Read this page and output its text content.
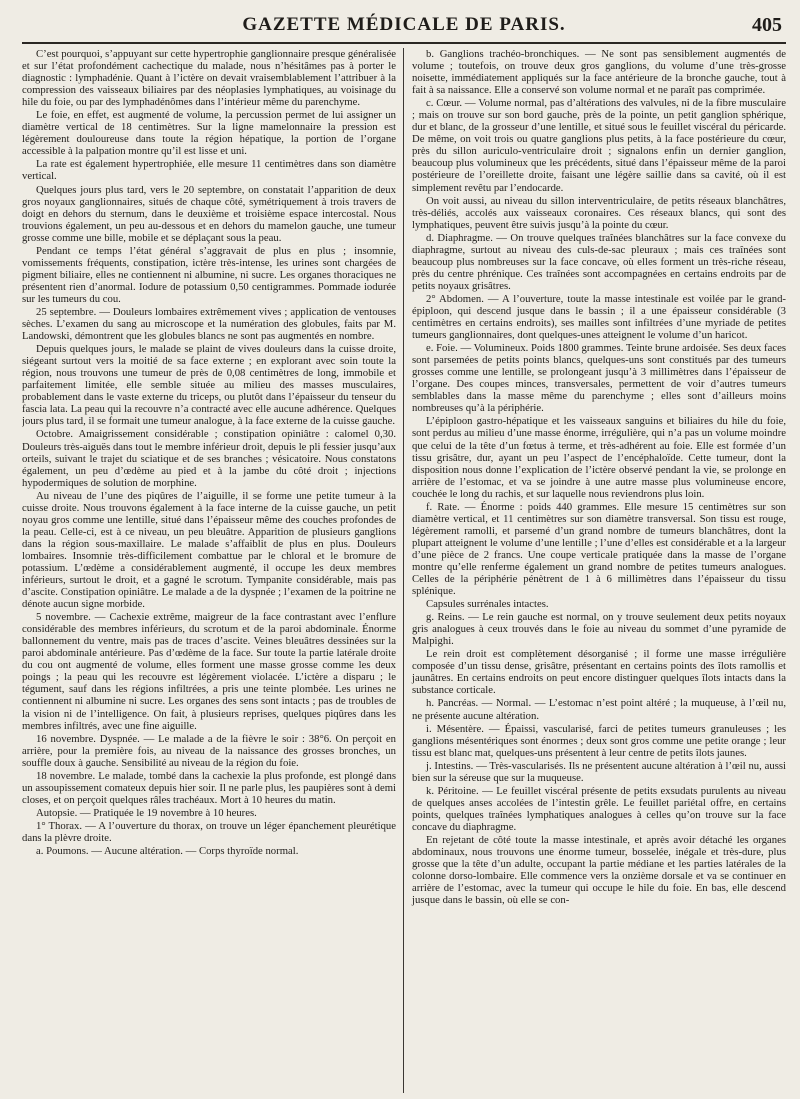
GAZETTE MÉDICALE DE PARIS.	405

C’est pourquoi, s’appuyant sur cette hypertrophie ganglionnaire presque généralisée et sur l’état profondément cachectique du malade, nous n’hésitâmes pas à porter le diagnostic : lymphadénie. Quant à l’ictère on devait vraisemblablement l’attribuer à la compression des vaisseaux biliaires par des néoplasies lymphatiques, au voisinage du hile du foie, ou par des lymphadénômes dans l’intérieur même du parenchyme.

Le foie, en effet, est augmenté de volume, la percussion permet de lui assigner un diamètre vertical de 18 centimètres. Sur la ligne mamelonnaire la pression est légèrement douloureuse dans toute la région hépatique, la portion de l’organe accessible à la palpation montre qu’il est lisse et uni.

La rate est également hypertrophiée, elle mesure 11 centimètres dans son diamètre vertical.

Quelques jours plus tard, vers le 20 septembre, on constatait l’apparition de deux gros noyaux ganglionnaires, situés de chaque côté, symétriquement à trois travers de doigt en dehors du sternum, dans le deuxième et troisième espace intercostal. Nous trouvions également, un peu au-dessous et en dehors du mamelon gauche, une tumeur grosse comme une bille, mobile et se déplaçant sous la peau.

Pendant ce temps l’état général s’aggravait de plus en plus ; insomnie, vomissements fréquents, constipation, ictère très-intense, les urines sont chargées de pigment biliaire, elles ne contiennent ni albumine, ni sucre. Les organes thoraciques ne présentent rien d’anormal. Iodure de potassium 0,50 centigrammes. Pommade iodurée sur les tumeurs du cou.

25 septembre. — Douleurs lombaires extrêmement vives ; application de ventouses sèches. L’examen du sang au microscope et la numération des globules, faits par M. Landowski, démontrent que les globules blancs ne sont pas augmentés en nombre.

Depuis quelques jours, le malade se plaint de vives douleurs dans la cuisse droite, siégeant surtout vers la moitié de sa face externe ; en explorant avec soin toute la région, nous trouvons une tumeur de près de 0,08 centimètres de long, immobile et parfaitement limitée, elle semble située au milieu des masses musculaires, probablement dans le vaste externe du triceps, ou plutôt dans l’épaisseur du tenseur du fascia lata. La peau qui la recouvre n’a contracté avec elle aucune adhérence. Quelques jours plus tard, il se formait une tumeur analogue, à la face externe de la cuisse gauche.

Octobre. Amaigrissement considérable ; constipation opiniâtre : calomel 0,30. Douleurs très-aiguës dans tout le membre inférieur droit, depuis le pli fessier jusqu’aux orteils, suivant le trajet du sciatique et de ses branches ; vésicatoire. Nous constatons également, un peu d’œdème au pied et à la jambe du côté droit ; injections hypodermiques de solution de morphine.

Au niveau de l’une des piqûres de l’aiguille, il se forme une petite tumeur à la cuisse droite. Nous trouvons également à la face interne de la cuisse gauche, un petit noyau gros comme une lentille, situé dans l’épaisseur même des couches profondes de la peau. Celle-ci, est à ce niveau, un peu bleuâtre. Apparition de plusieurs ganglions dans la région sous-maxillaire. Le malade s’affaiblit de plus en plus. Douleurs lombaires. Insomnie très-difficilement combattue par le chloral et le bromure de potassium. L’œdème a considérablement augmenté, il occupe les deux membres inférieurs, surtout le droit, et a gagné le scrotum. Tympanite considérable, mais pas d’ascite. Constipation opiniâtre. Le malade a de la dyspnée ; l’examen de la poitrine ne dénote aucun signe morbide.

5 novembre. — Cachexie extrême, maigreur de la face contrastant avec l’enflure considérable des membres inférieurs, du scrotum et de la paroi abdominale. Énorme ballonnement du ventre, mais pas de traces d’ascite. Veines bleuâtres dessinées sur la paroi abdominale antérieure. Pas d’œdème de la face. Sur toute la partie latérale droite du cou ont augmenté de volume, elles forment une masse grosse comme les deux poings ; la peau qui les recouvre est légèrement violacée. L’ictère a disparu ; le tégument, sauf dans les régions infiltrées, a pris une teinte plombée. Les urines ne contiennent ni albumine ni sucre. Les organes des sens sont intacts ; pas de troubles de la vision ni de l’intelligence. On fait, à plusieurs reprises, quelques piqûres dans les membres infiltrés, avec une fine aiguille.

16 novembre. Dyspnée. — Le malade a de la fièvre le soir : 38°6. On perçoit en arrière, pour la première fois, au niveau de la naissance des grosses bronches, un souffle doux à gauche. Sensibilité au niveau de la région du foie.

18 novembre. Le malade, tombé dans la cachexie la plus profonde, est plongé dans un assoupissement comateux depuis hier soir. Il ne parle plus, les paupières sont à demi closes, et on perçoit quelques râles trachéaux. Mort à 10 heures du matin.

Autopsie. — Pratiquée le 19 novembre à 10 heures.

1° Thorax. — A l’ouverture du thorax, on trouve un léger épanchement pleurétique dans la plèvre droite.

a. Poumons. — Aucune altération. — Corps thyroïde normal.

b. Ganglions trachéo-bronchiques. — Ne sont pas sensiblement augmentés de volume ; toutefois, on trouve deux gros ganglions, du volume d’une très-grosse noisette, immédiatement appliqués sur la face antérieure de la bronche gauche, tout à fait à sa naissance. Elle a conservé son volume normal et ne paraît pas comprimée.

c. Cœur. — Volume normal, pas d’altérations des valvules, ni de la fibre musculaire ; mais on trouve sur son bord gauche, près de la pointe, un petit ganglion sphérique, dur et blanc, de la grosseur d’une lentille, et situé sous le feuillet viscéral du péricarde. De même, on voit trois ou quatre ganglions plus petits, à la face postérieure du cœur, près du sillon auriculo-ventriculaire droit ; signalons enfin un dernier ganglion, beaucoup plus volumineux que les précédents, situé dans l’épaisseur même de la paroi postérieure de l’oreillette droite, faisant une légère saillie dans sa cavité, où il est simplement revêtu par l’endocarde.

On voit aussi, au niveau du sillon interventriculaire, de petits réseaux blanchâtres, très-déliés, accolés aux vaisseaux coronaires. Ces réseaux blancs, qui sont des lymphatiques, peuvent être suivis jusqu’à la pointe du cœur.

d. Diaphragme. — On trouve quelques traînées blanchâtres sur la face convexe du diaphragme, surtout au niveau des culs-de-sac pleuraux ; mais ces traînées sont beaucoup plus nombreuses sur la face concave, où elles forment un très-riche réseau, près du centre phrénique. Ces traînées sont accompagnées en certains endroits par de petits noyaux grisâtres.

2° Abdomen. — A l’ouverture, toute la masse intestinale est voilée par le grand-épiploon, qui descend jusque dans le bassin ; il a une épaisseur considérable (3 centimètres en certains endroits), ses mailles sont infiltrées d’une myriade de petites tumeurs ganglionnaires, dont quelques-unes atteignent le volume d’un haricot.

e. Foie. — Volumineux. Poids 1800 grammes. Teinte brune ardoisée. Ses deux faces sont parsemées de petits points blancs, quelques-uns sont constitués par des tumeurs grosses comme une lentille, se prolongeant jusqu’à 3 millimètres dans l’épaisseur de l’organe. Des coupes minces, transversales, permettent de voir d’autres tumeurs semblables dans la masse même du parenchyme ; elles sont d’ailleurs moins nombreuses qu’à la périphérie.

L’épiploon gastro-hépatique et les vaisseaux sanguins et biliaires du hile du foie, sont perdus au milieu d’une masse énorme, irrégulière, qui n’a pas un volume moindre que celui de la tête d’un fœtus à terme, et très-adhérent au foie. Elle est formée d’un tissu grisâtre, dur, ayant un peu l’aspect de l’encéphaloïde. Cette tumeur, dont la disposition nous donne l’explication de l’ictère observé pendant la vie, se prolonge en arrière de l’estomac, et va se joindre à une autre masse plus volumineuse encore, couchée le long du rachis, et sur laquelle nous reviendrons plus loin.

f. Rate. — Énorme : poids 440 grammes. Elle mesure 15 centimètres sur son diamètre vertical, et 11 centimètres sur son diamètre transversal. Son tissu est rouge, légèrement ramolli, et parsemé d’un grand nombre de tumeurs blanchâtres, dont la plupart atteignent le volume d’une lentille ; l’une d’elles est considérable et a la largeur d’une pièce de 2 francs. Une coupe verticale pratiquée dans la masse de l’organe montre qu’elle renferme également un grand nombre de petites tumeurs analogues. Celles de la périphérie pénètrent de 1 à 6 millimètres dans l’épaisseur du tissu splénique.

Capsules surrénales intactes.

g. Reins. — Le rein gauche est normal, on y trouve seulement deux petits noyaux gris analogues à ceux trouvés dans le foie au niveau du sommet d’une pyramide de Malpighi.

Le rein droit est complètement désorganisé ; il forme une masse irrégulière composée d’un tissu dense, grisâtre, présentant en certains points des îlots ramollis et jaunâtres. En certains endroits on peut encore distinguer quelques îlots intacts dans la substance corticale.

h. Pancréas. — Normal. — L’estomac n’est point altéré ; la muqueuse, à l’œil nu, ne présente aucune altération.

i. Mésentère. — Épaissi, vascularisé, farci de petites tumeurs granuleuses ; les ganglions mésentériques sont énormes ; deux sont gros comme une petite orange ; leur tissu est blanc mat, quelques-uns présentent à leur centre de petits îlots jaunes.

j. Intestins. — Très-vascularisés. Ils ne présentent aucune altération à l’œil nu, aussi bien sur la séreuse que sur la muqueuse.

k. Péritoine. — Le feuillet viscéral présente de petits exsudats purulents au niveau de quelques anses accolées de l’intestin grêle. Le feuillet pariétal offre, en certains points, quelques traînées lymphatiques analogues à celles qu’on trouve sur la face concave du diaphragme.

En rejetant de côté toute la masse intestinale, et après avoir détaché les organes abdominaux, nous trouvons une énorme tumeur, bosselée, inégale et très-dure, plus grosse que la tête d’un adulte, occupant la partie médiane et les parties latérales de la colonne dorso-lombaire. Elle commence vers la onzième dorsale et va se continuer en arrière de l’estomac, avec la tumeur qui occupe le hile du foie. En bas, elle descend jusque dans le bassin, où elle se con-
